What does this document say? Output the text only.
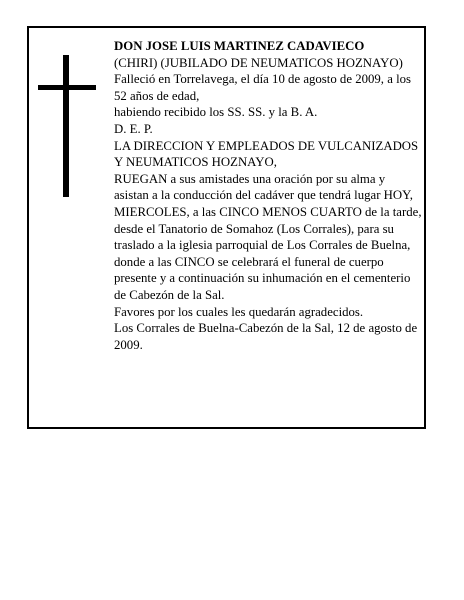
DON JOSE LUIS MARTINEZ CADAVIECO

(CHIRI) (JUBILADO DE NEUMATICOS HOZNAYO)

Falleció en Torrelavega, el día 10 de agosto de 2009, a los 52 años de edad,

habiendo recibido los SS. SS. y la B. A.

D. E. P.

LA DIRECCION Y EMPLEADOS DE VULCANIZADOS Y NEUMATICOS HOZNAYO,

RUEGAN a sus amistades una oración por su alma y asistan a la conducción del cadáver que tendrá lugar HOY, MIERCOLES, a las CINCO MENOS CUARTO de la tarde, desde el Tanatorio de Somahoz (Los Corrales), para su traslado a la iglesia parroquial de Los Corrales de Buelna, donde a las CINCO se celebrará el funeral de cuerpo presente y a continuación su inhumación en el cementerio de Cabezón de la Sal.

Favores por los cuales les quedarán agradecidos.

Los Corrales de Buelna-Cabezón de la Sal, 12 de agosto de 2009.
